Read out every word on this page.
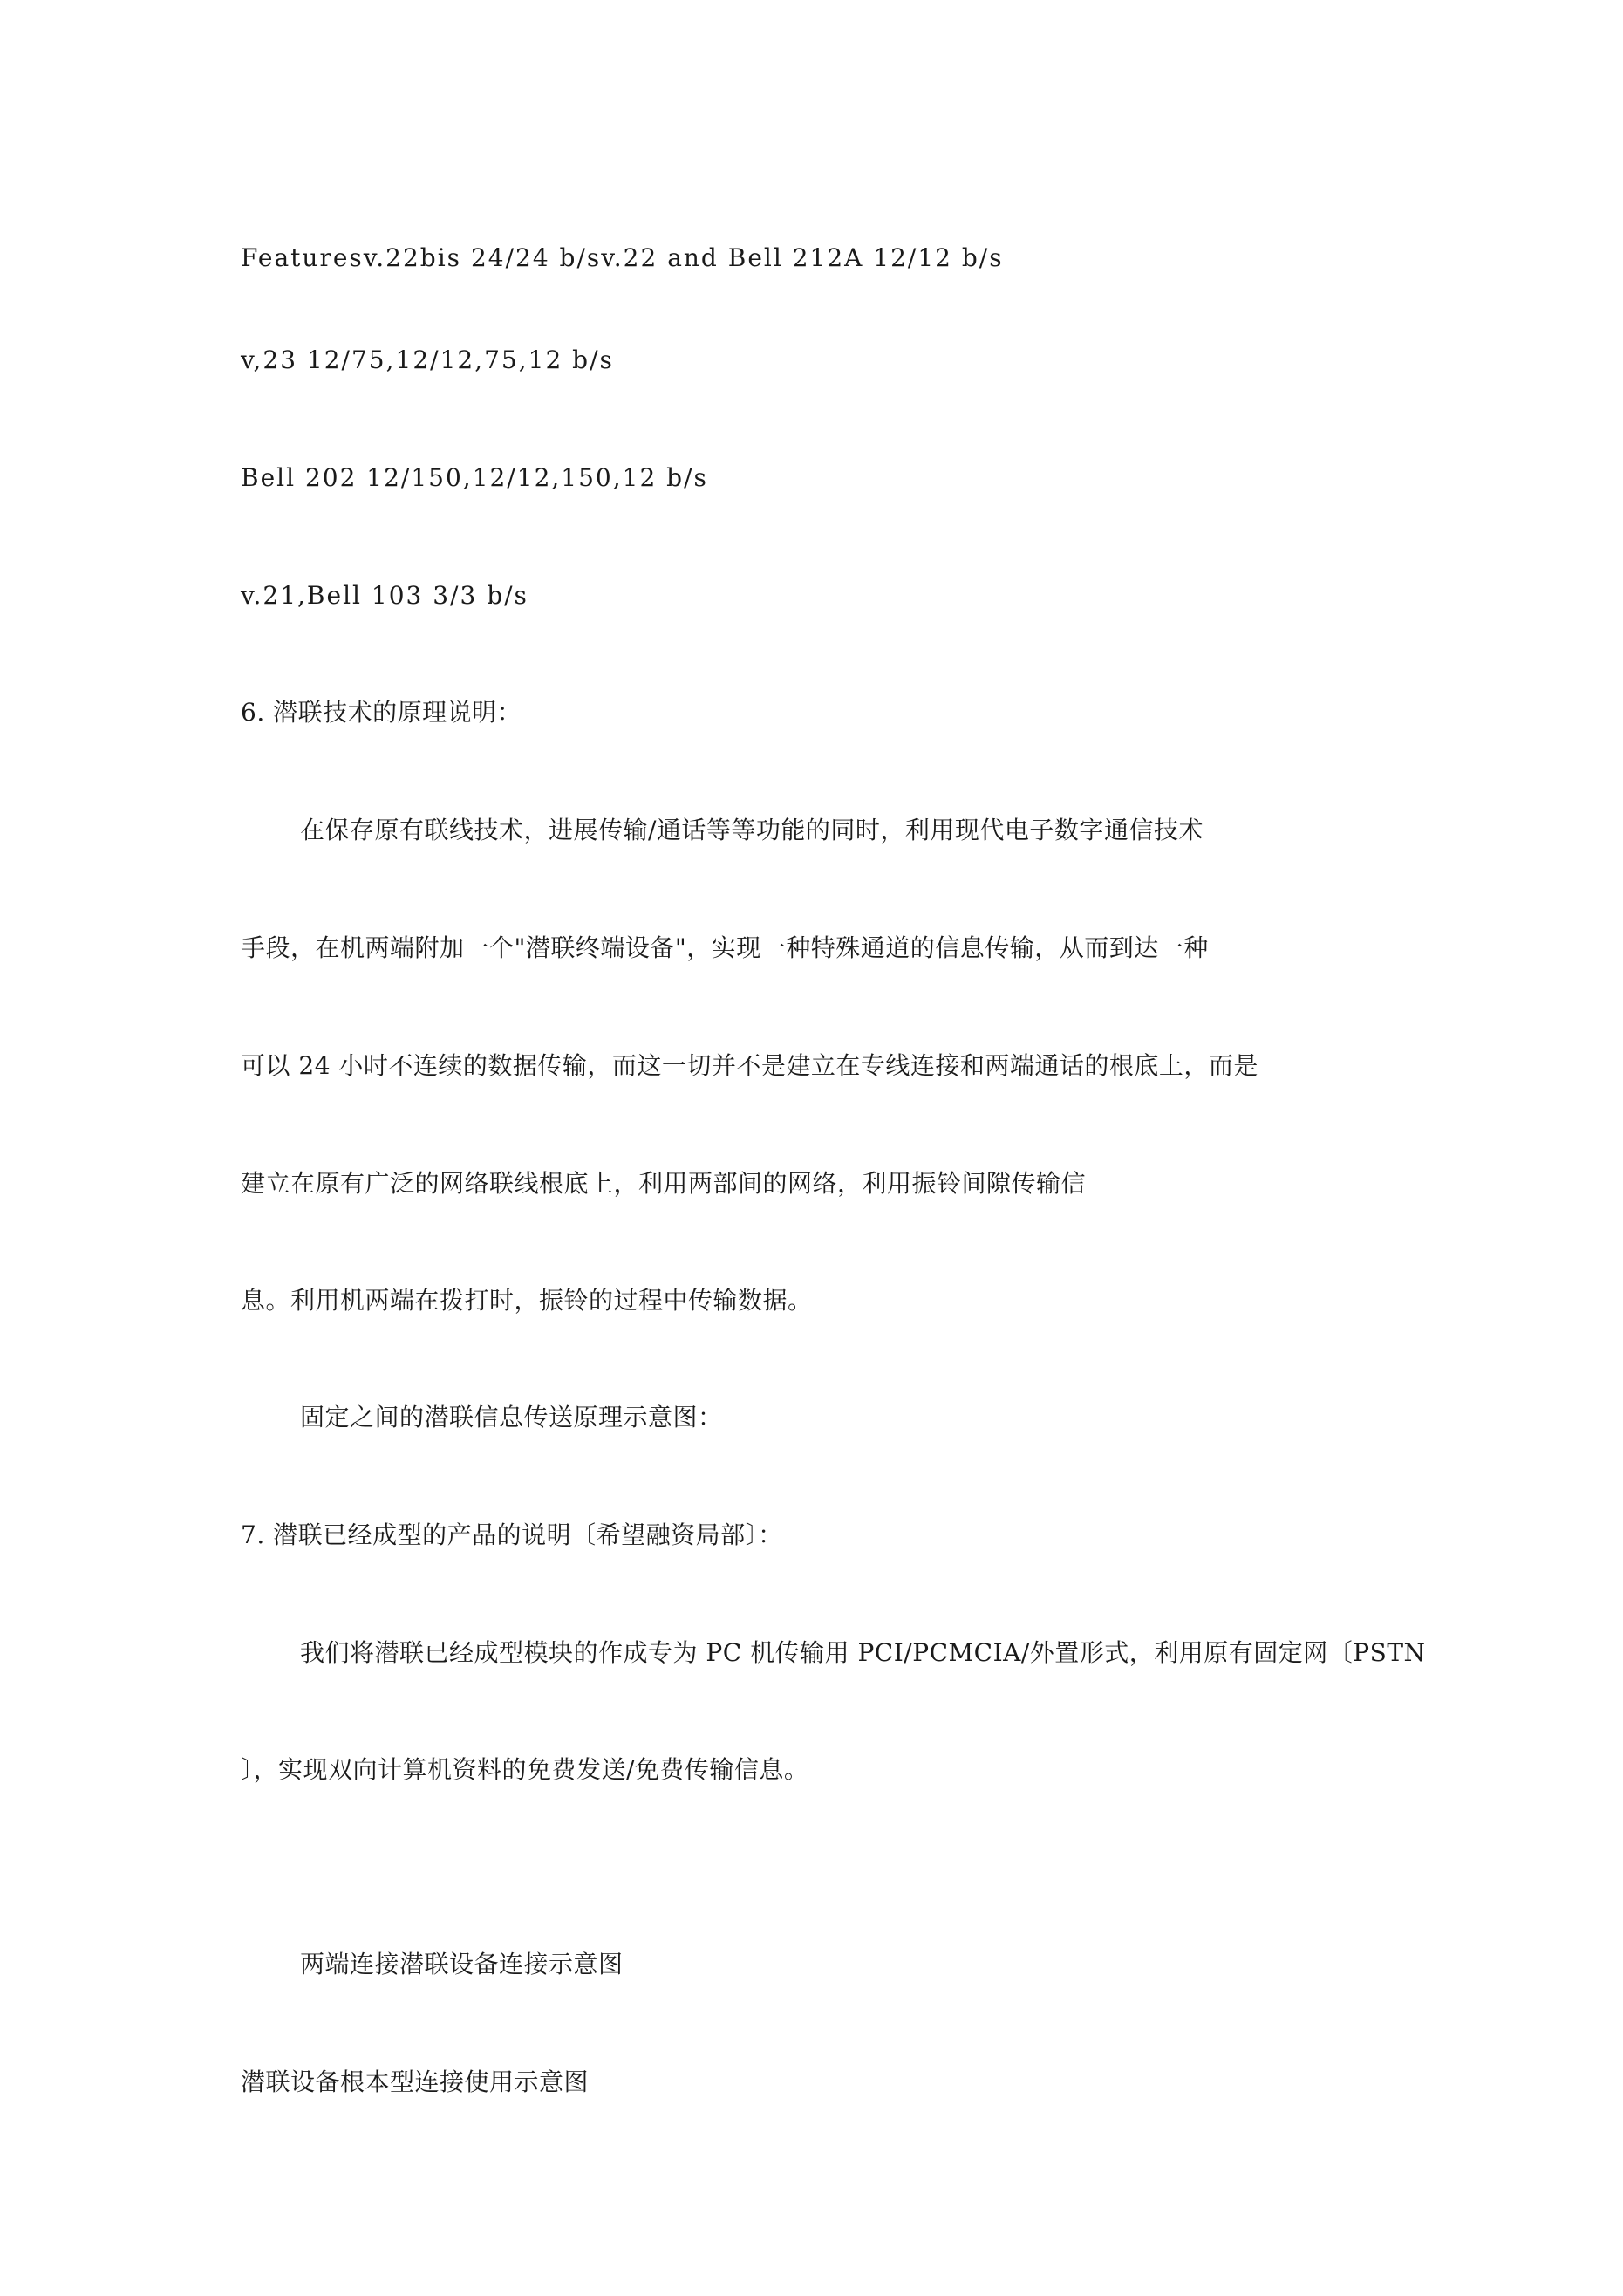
Featuresv.22bis 24/24 b/sv.22 and Bell 212A 12/12 b/s
v,23 12/75,12/12,75,12 b/s
Bell 202 12/150,12/12,150,12 b/s
v.21,Bell 103 3/3 b/s
6. 潜联技术的原理说明：
在保存原有联线技术，进展传输/通话等等功能的同时，利用现代电子数字通信技术
手段，在机两端附加一个"潜联终端设备"，实现一种特殊通道的信息传输，从而到达一种
可以 24 小时不连续的数据传输，而这一切并不是建立在专线连接和两端通话的根底上，而是
建立在原有广泛的网络联线根底上，利用两部间的网络，利用振铃间隙传输信
息。利用机两端在拨打时，振铃的过程中传输数据。
固定之间的潜联信息传送原理示意图：
7. 潜联已经成型的产品的说明〔希望融资局部〕：
我们将潜联已经成型模块的作成专为 PC 机传输用 PCI/PCMCIA/外置形式，利用原有固定网〔PSTN
〕，实现双向计算机资料的免费发送/免费传输信息。
两端连接潜联设备连接示意图
潜联设备根本型连接使用示意图
